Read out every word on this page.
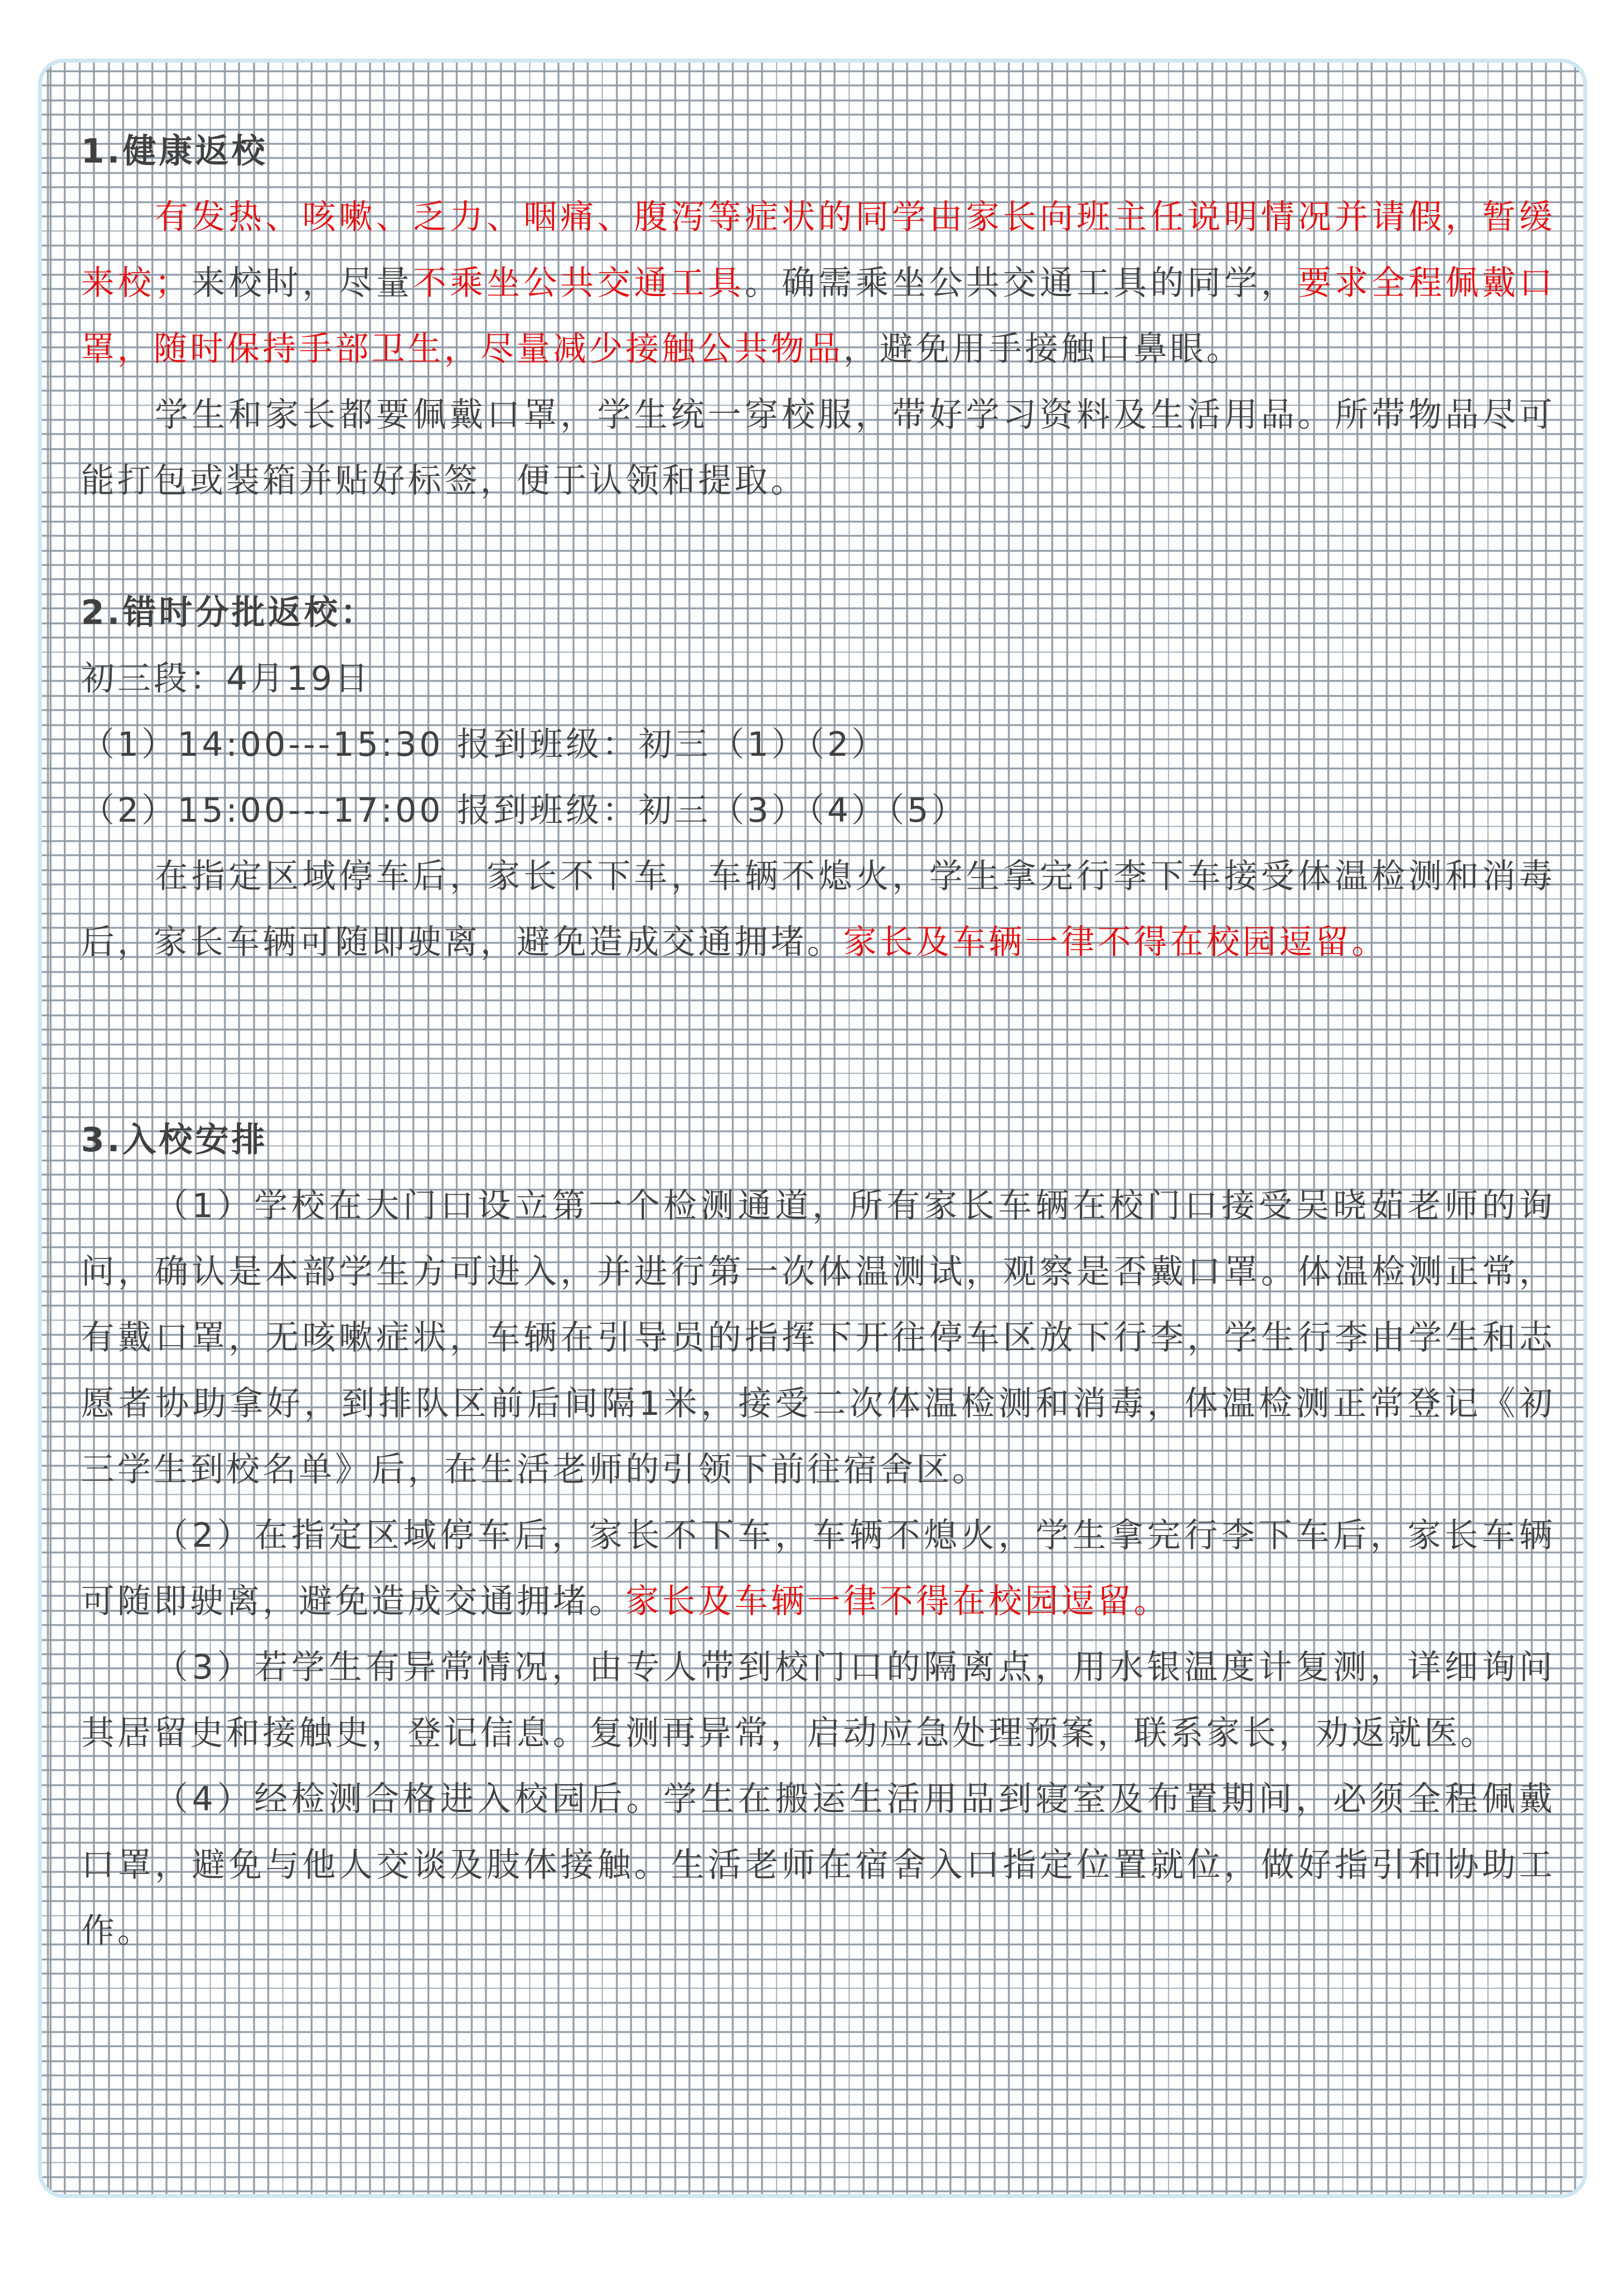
1.健康返校

有发热、咳嗽、乏力、咽痛、腹泻等症状的同学由家长向班主任说明情况并请假，暂缓来校；来校时，尽量不乘坐公共交通工具。确需乘坐公共交通工具的同学，要求全程佩戴口罩，随时保持手部卫生，尽量减少接触公共物品，避免用手接触口鼻眼。

学生和家长都要佩戴口罩，学生统一穿校服，带好学习资料及生活用品。所带物品尽可能打包或装箱并贴好标签，便于认领和提取。

2.错时分批返校：
初三段：4月19日
（1）14:00---15:30 报到班级：初三（1）（2）
（2）15:00---17:00 报到班级：初三（3）（4）（5）

在指定区域停车后，家长不下车，车辆不熄火，学生拿完行李下车接受体温检测和消毒后，家长车辆可随即驶离，避免造成交通拥堵。家长及车辆一律不得在校园逗留。

3.入校安排

（1）学校在大门口设立第一个检测通道，所有家长车辆在校门口接受吴晓茹老师的询问，确认是本部学生方可进入，并进行第一次体温测试，观察是否戴口罩。体温检测正常，有戴口罩，无咳嗽症状，车辆在引导员的指挥下开往停车区放下行李，学生行李由学生和志愿者协助拿好，到排队区前后间隔1米，接受二次体温检测和消毒，体温检测正常登记《初三学生到校名单》后，在生活老师的引领下前往宿舍区。

（2）在指定区域停车后，家长不下车，车辆不熄火，学生拿完行李下车后，家长车辆可随即驶离，避免造成交通拥堵。家长及车辆一律不得在校园逗留。

（3）若学生有异常情况，由专人带到校门口的隔离点，用水银温度计复测，详细询问其居留史和接触史，登记信息。复测再异常，启动应急处理预案，联系家长，劝返就医。

（4）经检测合格进入校园后。学生在搬运生活用品到寝室及布置期间，必须全程佩戴口罩，避免与他人交谈及肢体接触。生活老师在宿舍入口指定位置就位，做好指引和协助工作。
